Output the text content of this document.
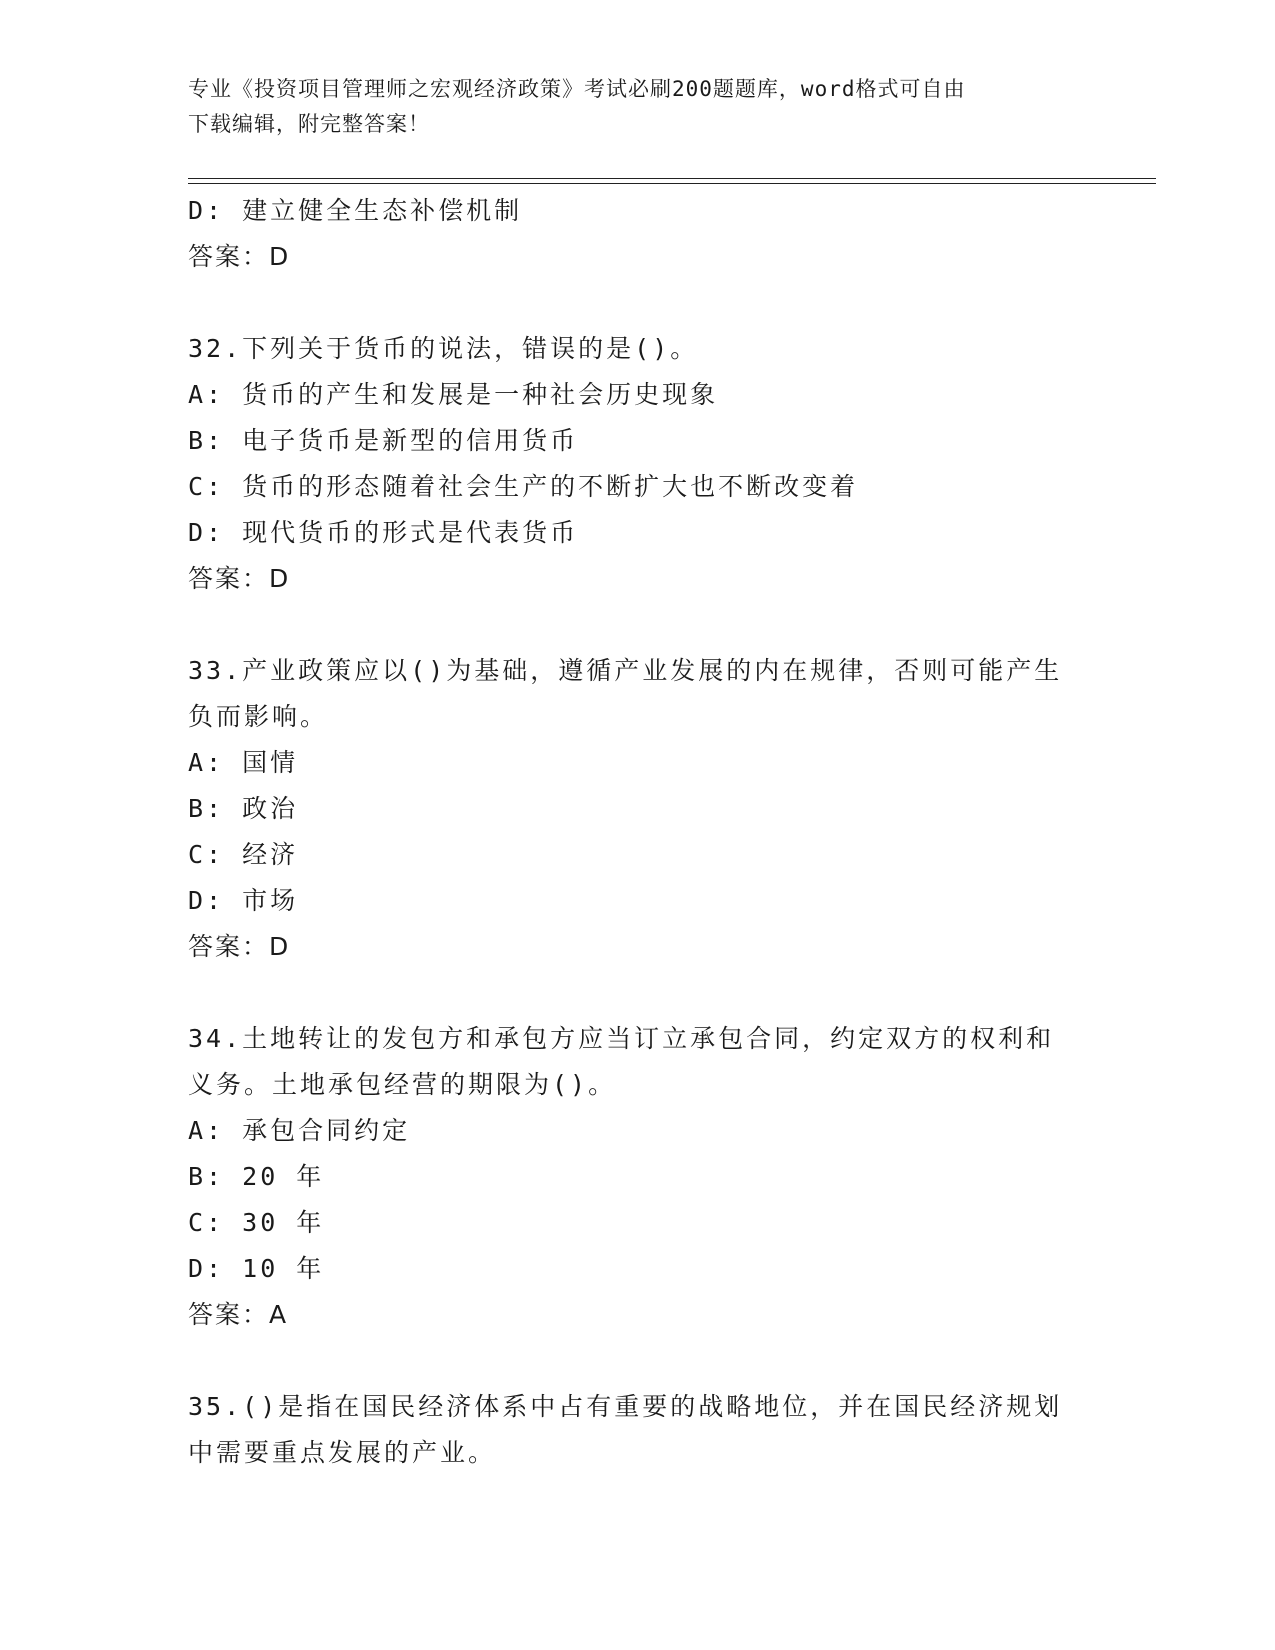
专业《投资项目管理师之宏观经济政策》考试必刷200题题库，word格式可自由
下载编辑，附完整答案！
D: 建立健全生态补偿机制
答案：D
32.下列关于货币的说法，错误的是()。
A: 货币的产生和发展是一种社会历史现象
B: 电子货币是新型的信用货币
C: 货币的形态随着社会生产的不断扩大也不断改变着
D: 现代货币的形式是代表货币
答案：D
33.产业政策应以()为基础，遵循产业发展的内在规律，否则可能产生
负而影响。
A: 国情
B: 政治
C: 经济
D: 市场
答案：D
34.土地转让的发包方和承包方应当订立承包合同，约定双方的权利和
义务。土地承包经营的期限为()。
A: 承包合同约定
B: 20 年
C: 30 年
D: 10 年
答案：A
35.()是指在国民经济体系中占有重要的战略地位，并在国民经济规划
中需要重点发展的产业。
